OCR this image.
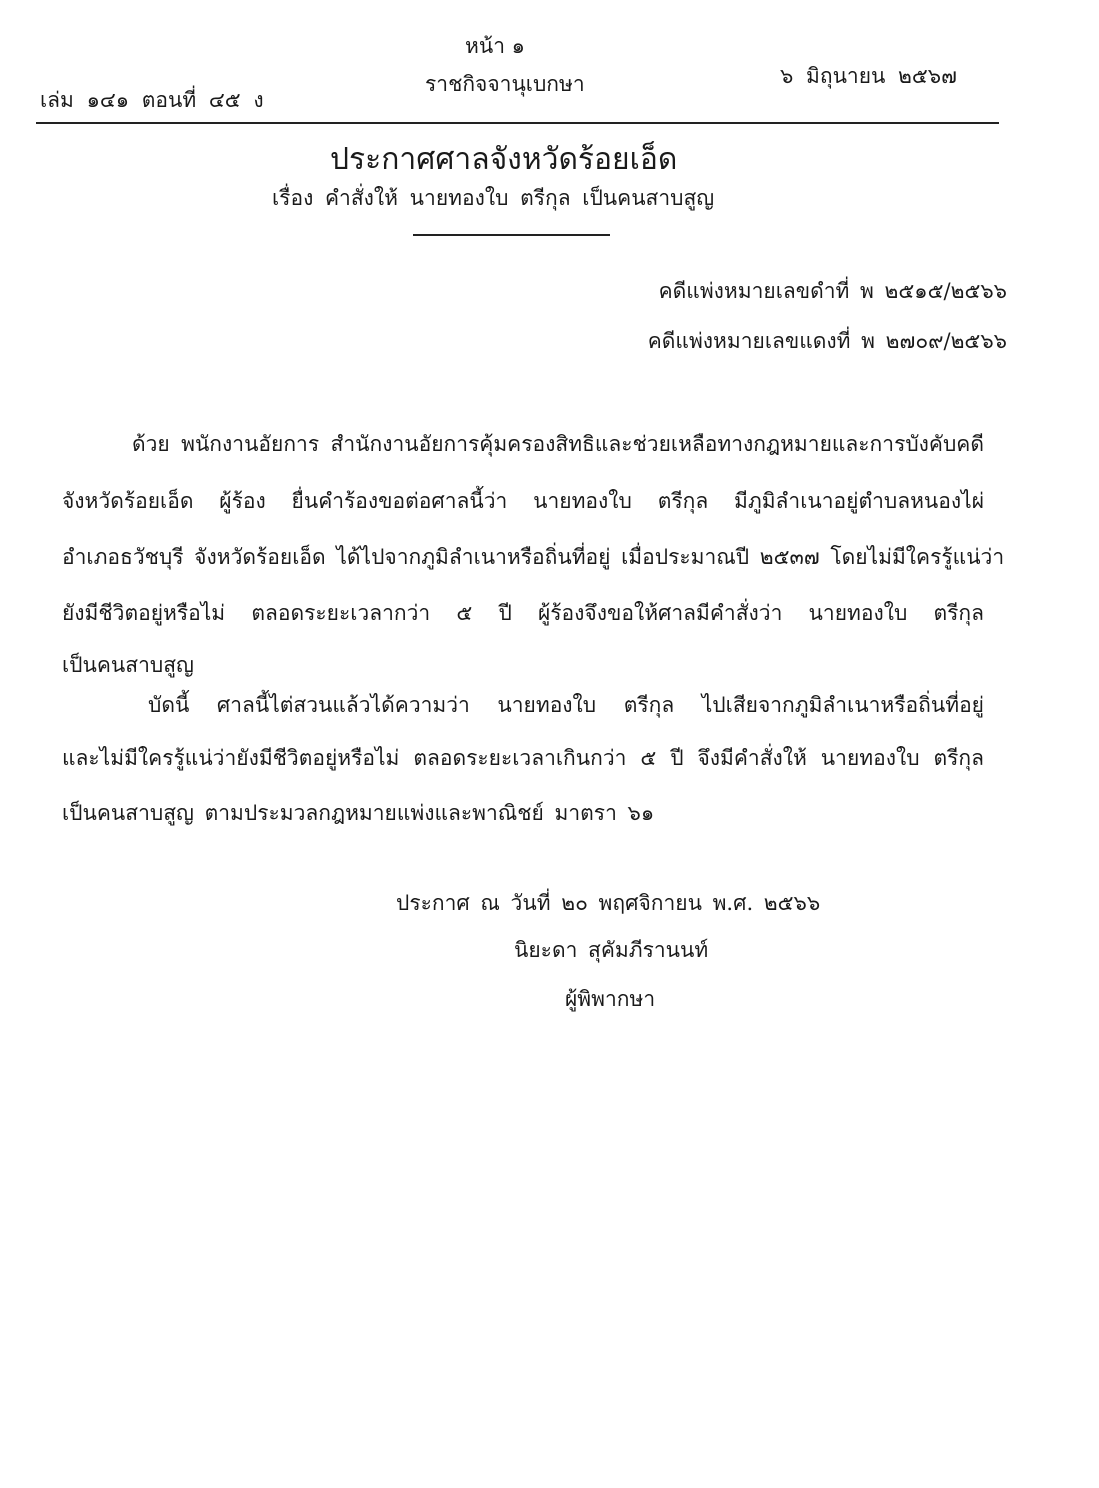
หน้า ๑
ราชกิจจานุเบกษา
เล่ม ๑๔๑ ตอนที่ ๔๕ ง
๖ มิถุนายน ๒๕๖๗
ประกาศศาลจังหวัดร้อยเอ็ด
เรื่อง คำสั่งให้ นายทองใบ ตรีกุล เป็นคนสาบสูญ
คดีแพ่งหมายเลขดำที่ พ ๒๕๑๕/๒๕๖๖
คดีแพ่งหมายเลขแดงที่ พ ๒๗๐๙/๒๕๖๖
ด้วย พนักงานอัยการ สำนักงานอัยการคุ้มครองสิทธิและช่วยเหลือทางกฎหมายและการบังคับคดี
จังหวัดร้อยเอ็ด ผู้ร้อง ยื่นคำร้องขอต่อศาลนี้ว่า นายทองใบ ตรีกุล มีภูมิลำเนาอยู่ตำบลหนองไผ่
อำเภอธวัชบุรี จังหวัดร้อยเอ็ด ได้ไปจากภูมิลำเนาหรือถิ่นที่อยู่ เมื่อประมาณปี ๒๕๓๗ โดยไม่มีใครรู้แน่ว่า
ยังมีชีวิตอยู่หรือไม่ ตลอดระยะเวลากว่า ๕ ปี ผู้ร้องจึงขอให้ศาลมีคำสั่งว่า นายทองใบ ตรีกุล
เป็นคนสาบสูญ
บัดนี้ ศาลนี้ไต่สวนแล้วได้ความว่า นายทองใบ ตรีกุล ไปเสียจากภูมิลำเนาหรือถิ่นที่อยู่
และไม่มีใครรู้แน่ว่ายังมีชีวิตอยู่หรือไม่ ตลอดระยะเวลาเกินกว่า ๕ ปี จึงมีคำสั่งให้ นายทองใบ ตรีกุล
เป็นคนสาบสูญ ตามประมวลกฎหมายแพ่งและพาณิชย์ มาตรา ๖๑
ประกาศ ณ วันที่ ๒๐ พฤศจิกายน พ.ศ. ๒๕๖๖
นิยะดา สุคัมภีรานนท์
ผู้พิพากษา
